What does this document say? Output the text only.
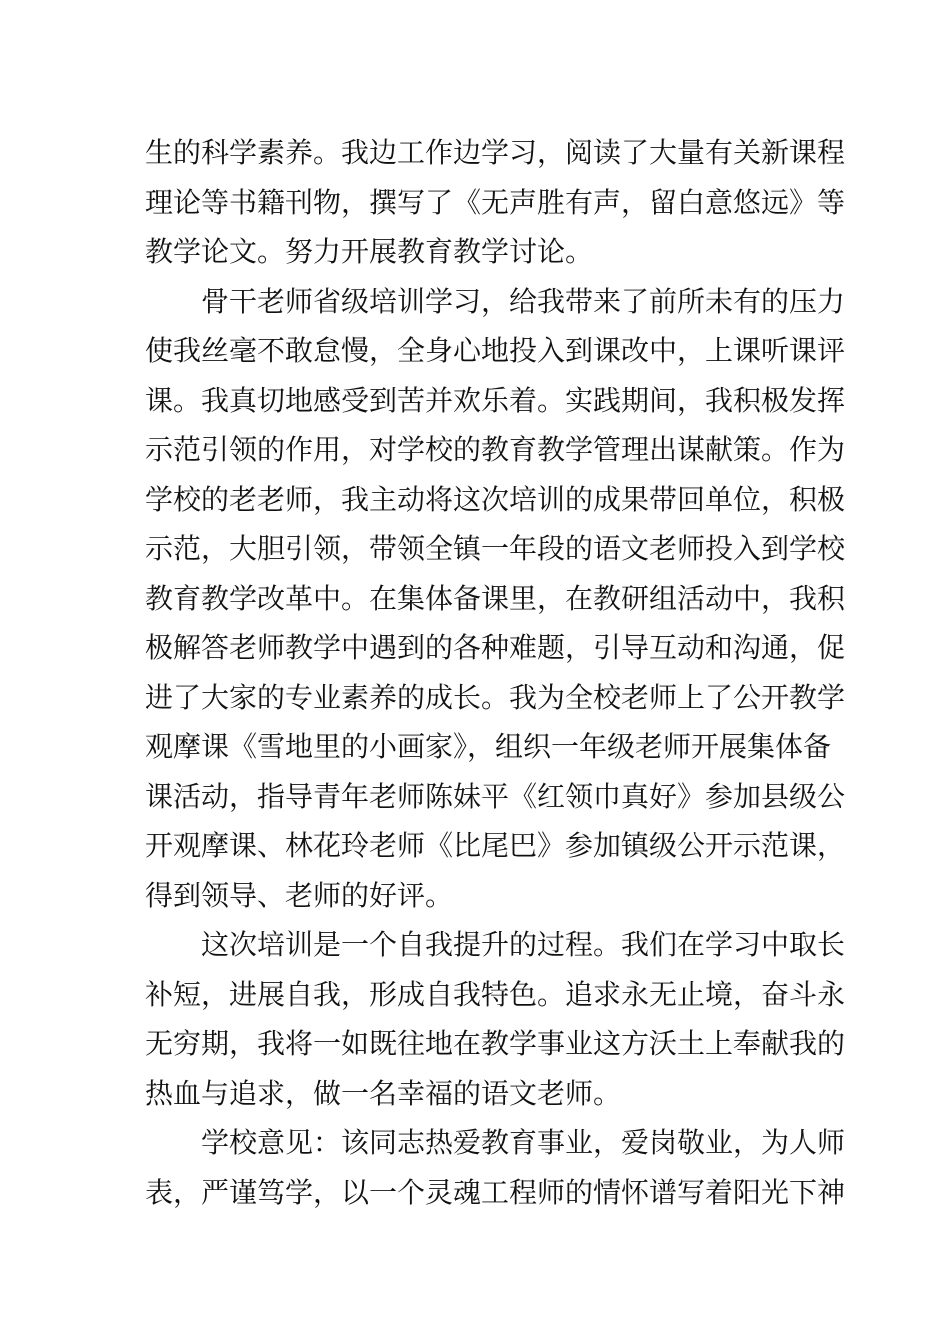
生的科学素养。我边工作边学习，阅读了大量有关新课程
理论等书籍刊物，撰写了《无声胜有声，留白意悠远》等
教学论文。努力开展教育教学讨论。
骨干老师省级培训学习，给我带来了前所未有的压力
使我丝毫不敢怠慢，全身心地投入到课改中，上课听课评
课。我真切地感受到苦并欢乐着。实践期间，我积极发挥
示范引领的作用，对学校的教育教学管理出谋献策。作为
学校的老老师，我主动将这次培训的成果带回单位，积极
示范，大胆引领，带领全镇一年段的语文老师投入到学校
教育教学改革中。在集体备课里，在教研组活动中，我积
极解答老师教学中遇到的各种难题，引导互动和沟通，促
进了大家的专业素养的成长。我为全校老师上了公开教学
观摩课《雪地里的小画家》，组织一年级老师开展集体备
课活动，指导青年老师陈妹平《红领巾真好》参加县级公
开观摩课、林花玲老师《比尾巴》参加镇级公开示范课，
得到领导、老师的好评。
这次培训是一个自我提升的过程。我们在学习中取长
补短，进展自我，形成自我特色。追求永无止境，奋斗永
无穷期，我将一如既往地在教学事业这方沃土上奉献我的
热血与追求，做一名幸福的语文老师。
学校意见：该同志热爱教育事业，爱岗敬业，为人师
表，严谨笃学，以一个灵魂工程师的情怀谱写着阳光下神
